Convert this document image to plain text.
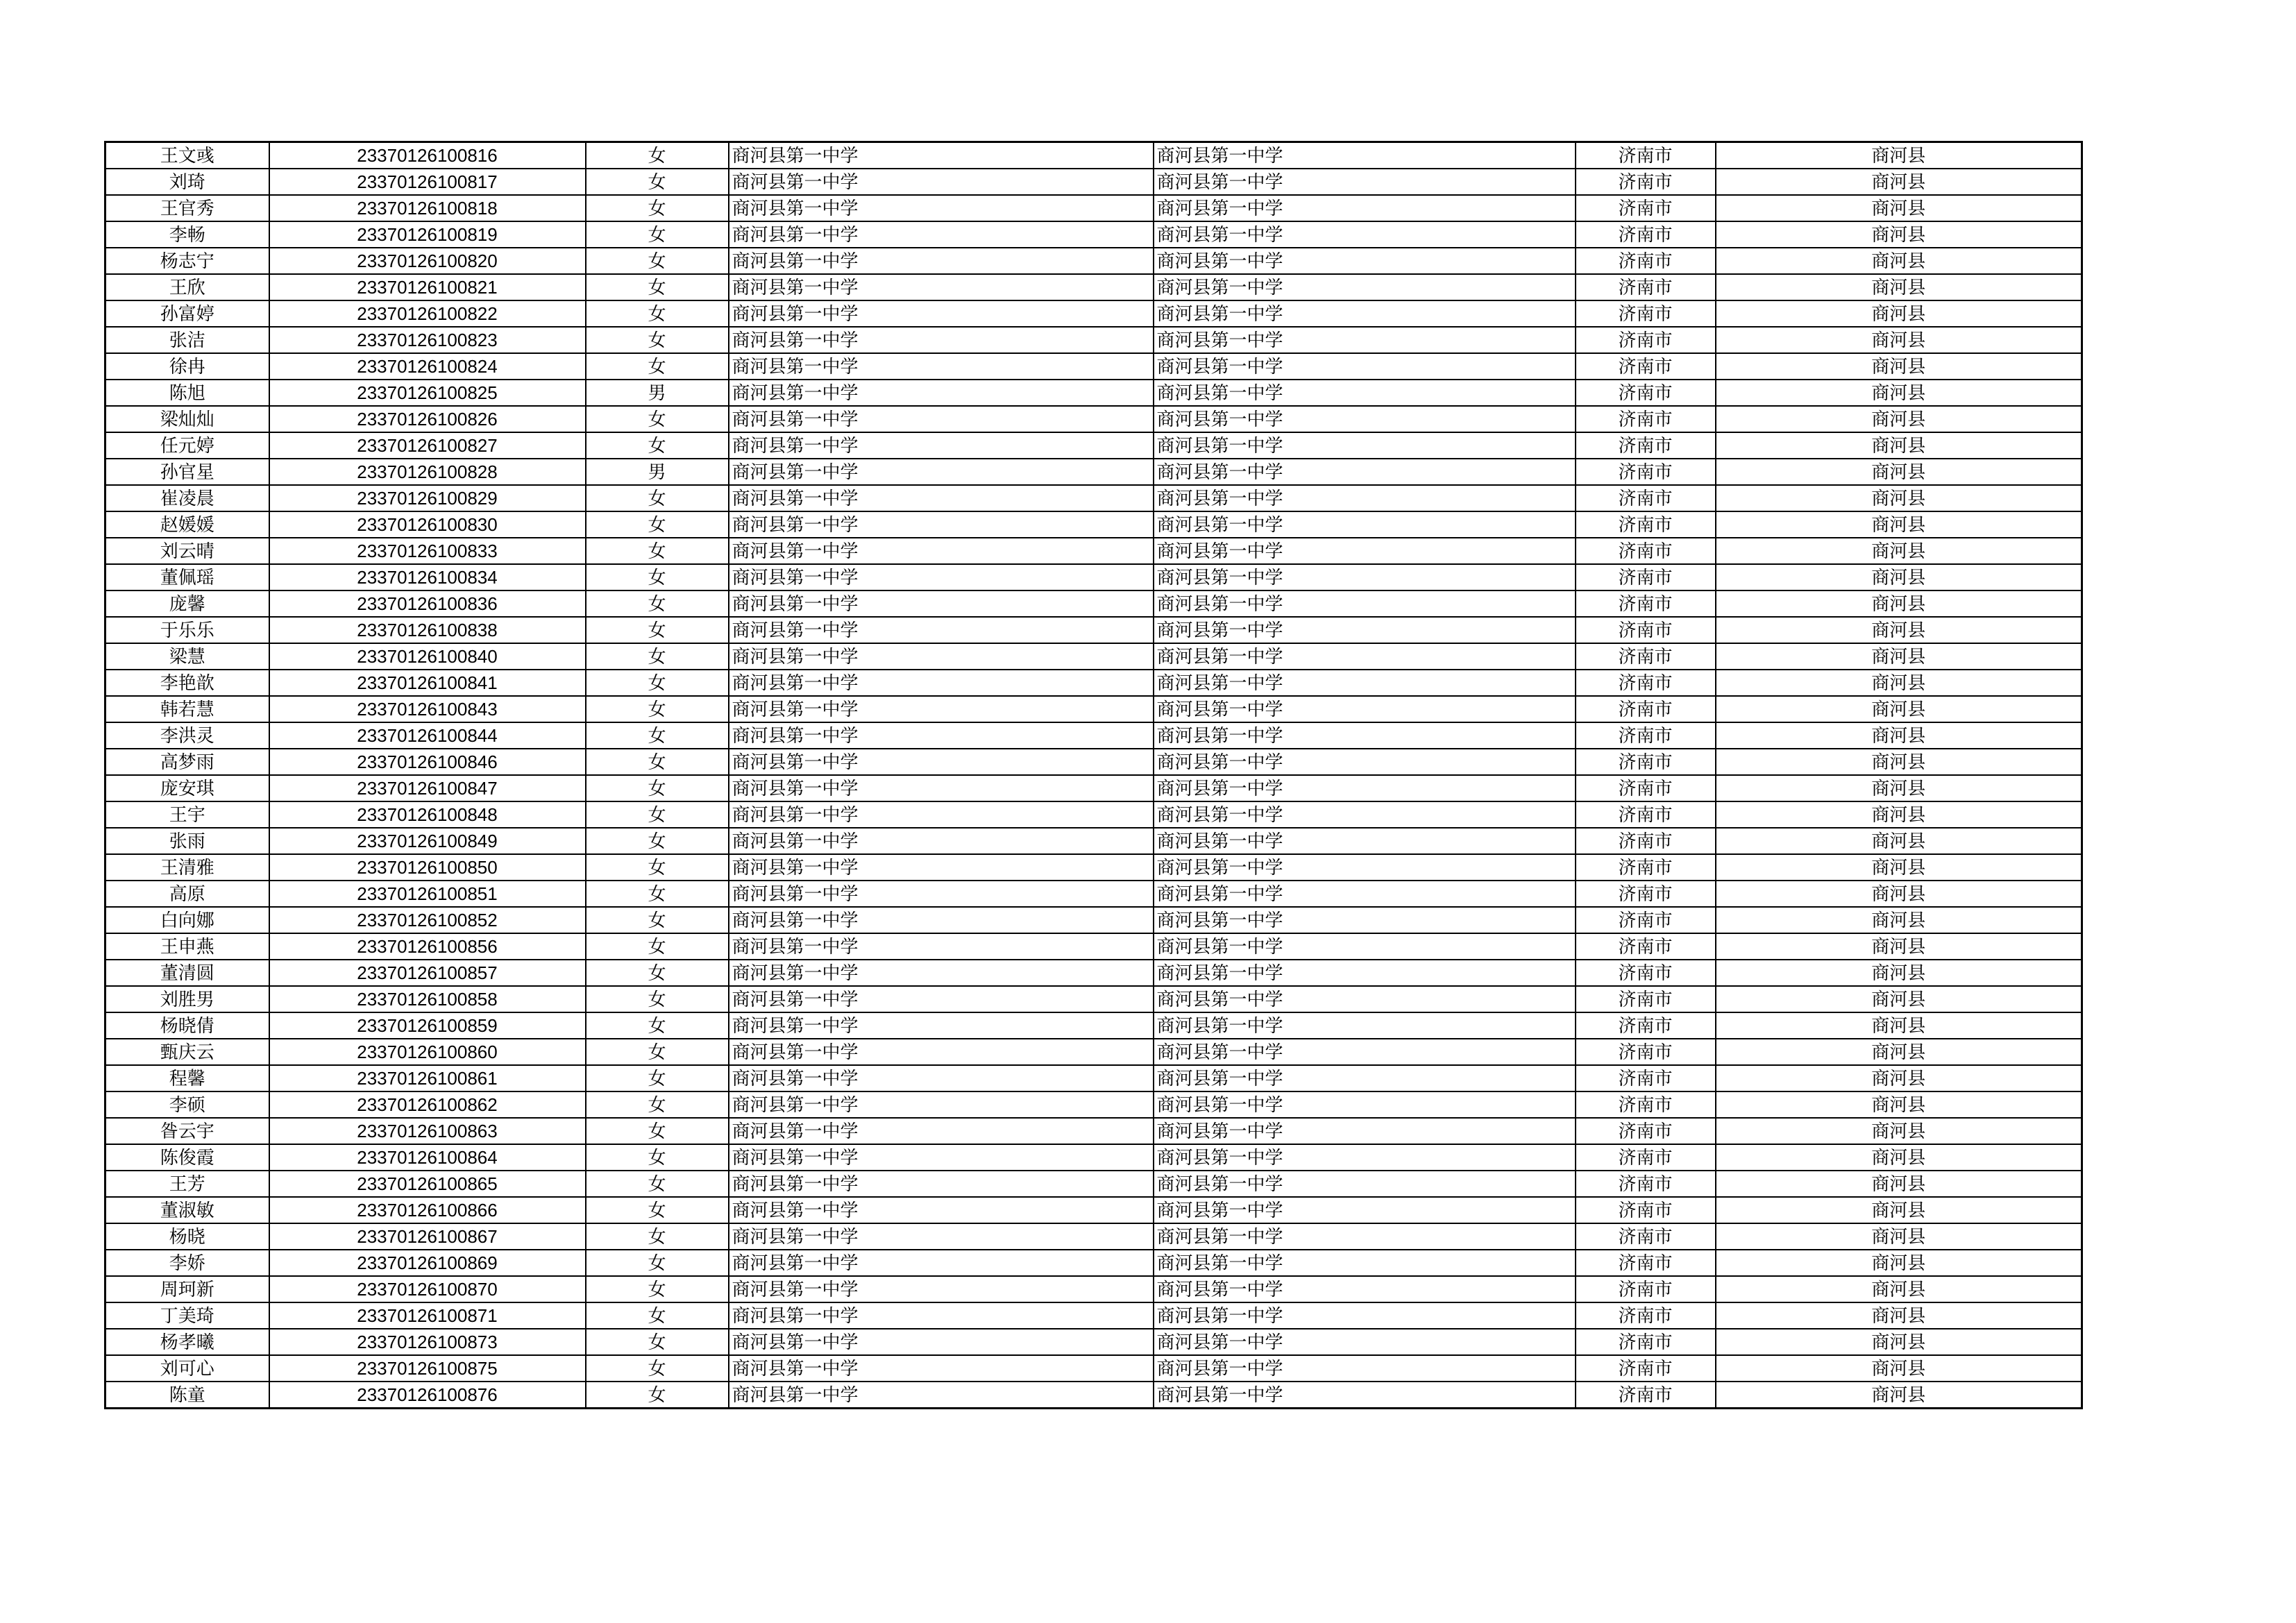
王文彧	23370126100816	女	商河县第一中学	商河县第一中学	济南市	商河县
刘琦	23370126100817	女	商河县第一中学	商河县第一中学	济南市	商河县
王官秀	23370126100818	女	商河县第一中学	商河县第一中学	济南市	商河县
李畅	23370126100819	女	商河县第一中学	商河县第一中学	济南市	商河县
杨志宁	23370126100820	女	商河县第一中学	商河县第一中学	济南市	商河县
王欣	23370126100821	女	商河县第一中学	商河县第一中学	济南市	商河县
孙富婷	23370126100822	女	商河县第一中学	商河县第一中学	济南市	商河县
张洁	23370126100823	女	商河县第一中学	商河县第一中学	济南市	商河县
徐冉	23370126100824	女	商河县第一中学	商河县第一中学	济南市	商河县
陈旭	23370126100825	男	商河县第一中学	商河县第一中学	济南市	商河县
梁灿灿	23370126100826	女	商河县第一中学	商河县第一中学	济南市	商河县
任元婷	23370126100827	女	商河县第一中学	商河县第一中学	济南市	商河县
孙官星	23370126100828	男	商河县第一中学	商河县第一中学	济南市	商河县
崔凌晨	23370126100829	女	商河县第一中学	商河县第一中学	济南市	商河县
赵媛媛	23370126100830	女	商河县第一中学	商河县第一中学	济南市	商河县
刘云晴	23370126100833	女	商河县第一中学	商河县第一中学	济南市	商河县
董佩瑶	23370126100834	女	商河县第一中学	商河县第一中学	济南市	商河县
庞馨	23370126100836	女	商河县第一中学	商河县第一中学	济南市	商河县
于乐乐	23370126100838	女	商河县第一中学	商河县第一中学	济南市	商河县
梁慧	23370126100840	女	商河县第一中学	商河县第一中学	济南市	商河县
李艳歆	23370126100841	女	商河县第一中学	商河县第一中学	济南市	商河县
韩若慧	23370126100843	女	商河县第一中学	商河县第一中学	济南市	商河县
李洪灵	23370126100844	女	商河县第一中学	商河县第一中学	济南市	商河县
高梦雨	23370126100846	女	商河县第一中学	商河县第一中学	济南市	商河县
庞安琪	23370126100847	女	商河县第一中学	商河县第一中学	济南市	商河县
王宇	23370126100848	女	商河县第一中学	商河县第一中学	济南市	商河县
张雨	23370126100849	女	商河县第一中学	商河县第一中学	济南市	商河县
王清雅	23370126100850	女	商河县第一中学	商河县第一中学	济南市	商河县
高原	23370126100851	女	商河县第一中学	商河县第一中学	济南市	商河县
白向娜	23370126100852	女	商河县第一中学	商河县第一中学	济南市	商河县
王申燕	23370126100856	女	商河县第一中学	商河县第一中学	济南市	商河县
董清圆	23370126100857	女	商河县第一中学	商河县第一中学	济南市	商河县
刘胜男	23370126100858	女	商河县第一中学	商河县第一中学	济南市	商河县
杨晓倩	23370126100859	女	商河县第一中学	商河县第一中学	济南市	商河县
甄庆云	23370126100860	女	商河县第一中学	商河县第一中学	济南市	商河县
程馨	23370126100861	女	商河县第一中学	商河县第一中学	济南市	商河县
李硕	23370126100862	女	商河县第一中学	商河县第一中学	济南市	商河县
昝云宇	23370126100863	女	商河县第一中学	商河县第一中学	济南市	商河县
陈俊霞	23370126100864	女	商河县第一中学	商河县第一中学	济南市	商河县
王芳	23370126100865	女	商河县第一中学	商河县第一中学	济南市	商河县
董淑敏	23370126100866	女	商河县第一中学	商河县第一中学	济南市	商河县
杨晓	23370126100867	女	商河县第一中学	商河县第一中学	济南市	商河县
李娇	23370126100869	女	商河县第一中学	商河县第一中学	济南市	商河县
周珂新	23370126100870	女	商河县第一中学	商河县第一中学	济南市	商河县
丁美琦	23370126100871	女	商河县第一中学	商河县第一中学	济南市	商河县
杨孝曦	23370126100873	女	商河县第一中学	商河县第一中学	济南市	商河县
刘可心	23370126100875	女	商河县第一中学	商河县第一中学	济南市	商河县
陈童	23370126100876	女	商河县第一中学	商河县第一中学	济南市	商河县
